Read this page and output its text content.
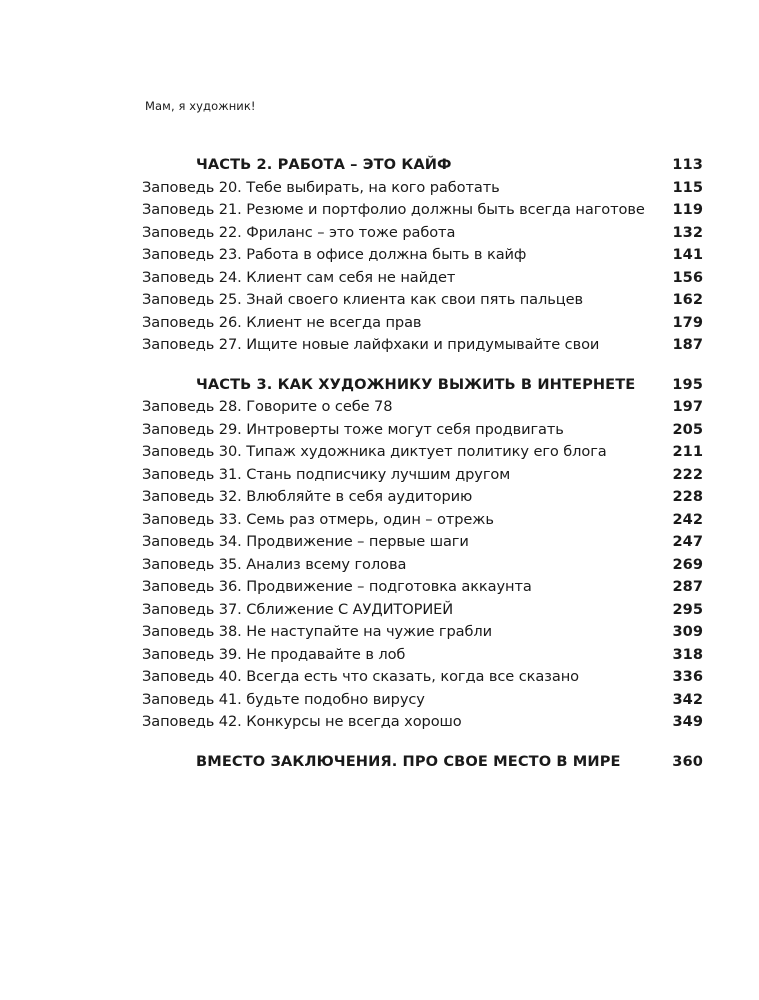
Мам, я художник!
ЧАСТЬ 2. РАБОТА – ЭТО КАЙФ	113
Заповедь 20. Тебе выбирать, на кого работать	115
Заповедь 21. Резюме и портфолио должны быть всегда наготове 119
Заповедь 22. Фриланс – это тоже работа	132
Заповедь 23. Работа в офисе должна быть в кайф	141
Заповедь 24. Клиент сам себя не найдет	156
Заповедь 25. Знай своего клиента как свои пять пальцев	162
Заповедь 26. Клиент не всегда прав	179
Заповедь 27. Ищите новые лайфхаки и придумывайте свои	187
ЧАСТЬ 3. КАК ХУДОЖНИКУ ВЫЖИТЬ В ИНТЕРНЕТЕ	195
Заповедь 28. Говорите о себе 78	197
Заповедь 29. Интроверты тоже могут себя продвигать	205
Заповедь 30. Типаж художника диктует политику его блога	211
Заповедь 31. Стань подписчику лучшим другом	222
Заповедь 32. Влюбляйте в себя аудиторию	228
Заповедь 33. Семь раз отмерь, один – отрежь	242
Заповедь 34. Продвижение – первые шаги	247
Заповедь 35. Анализ всему голова	269
Заповедь 36. Продвижение – подготовка аккаунта	287
Заповедь 37. Сближение С АУДИТОРИЕЙ	295
Заповедь 38. Не наступайте на чужие грабли	309
Заповедь 39. Не продавайте в лоб	318
Заповедь 40. Всегда есть что сказать, когда все сказано	336
Заповедь 41. будьте подобно вирусу	342
Заповедь 42. Конкурсы не всегда хорошо	349
ВМЕСТО ЗАКЛЮЧЕНИЯ. ПРО СВОЕ МЕСТО В МИРЕ	360
